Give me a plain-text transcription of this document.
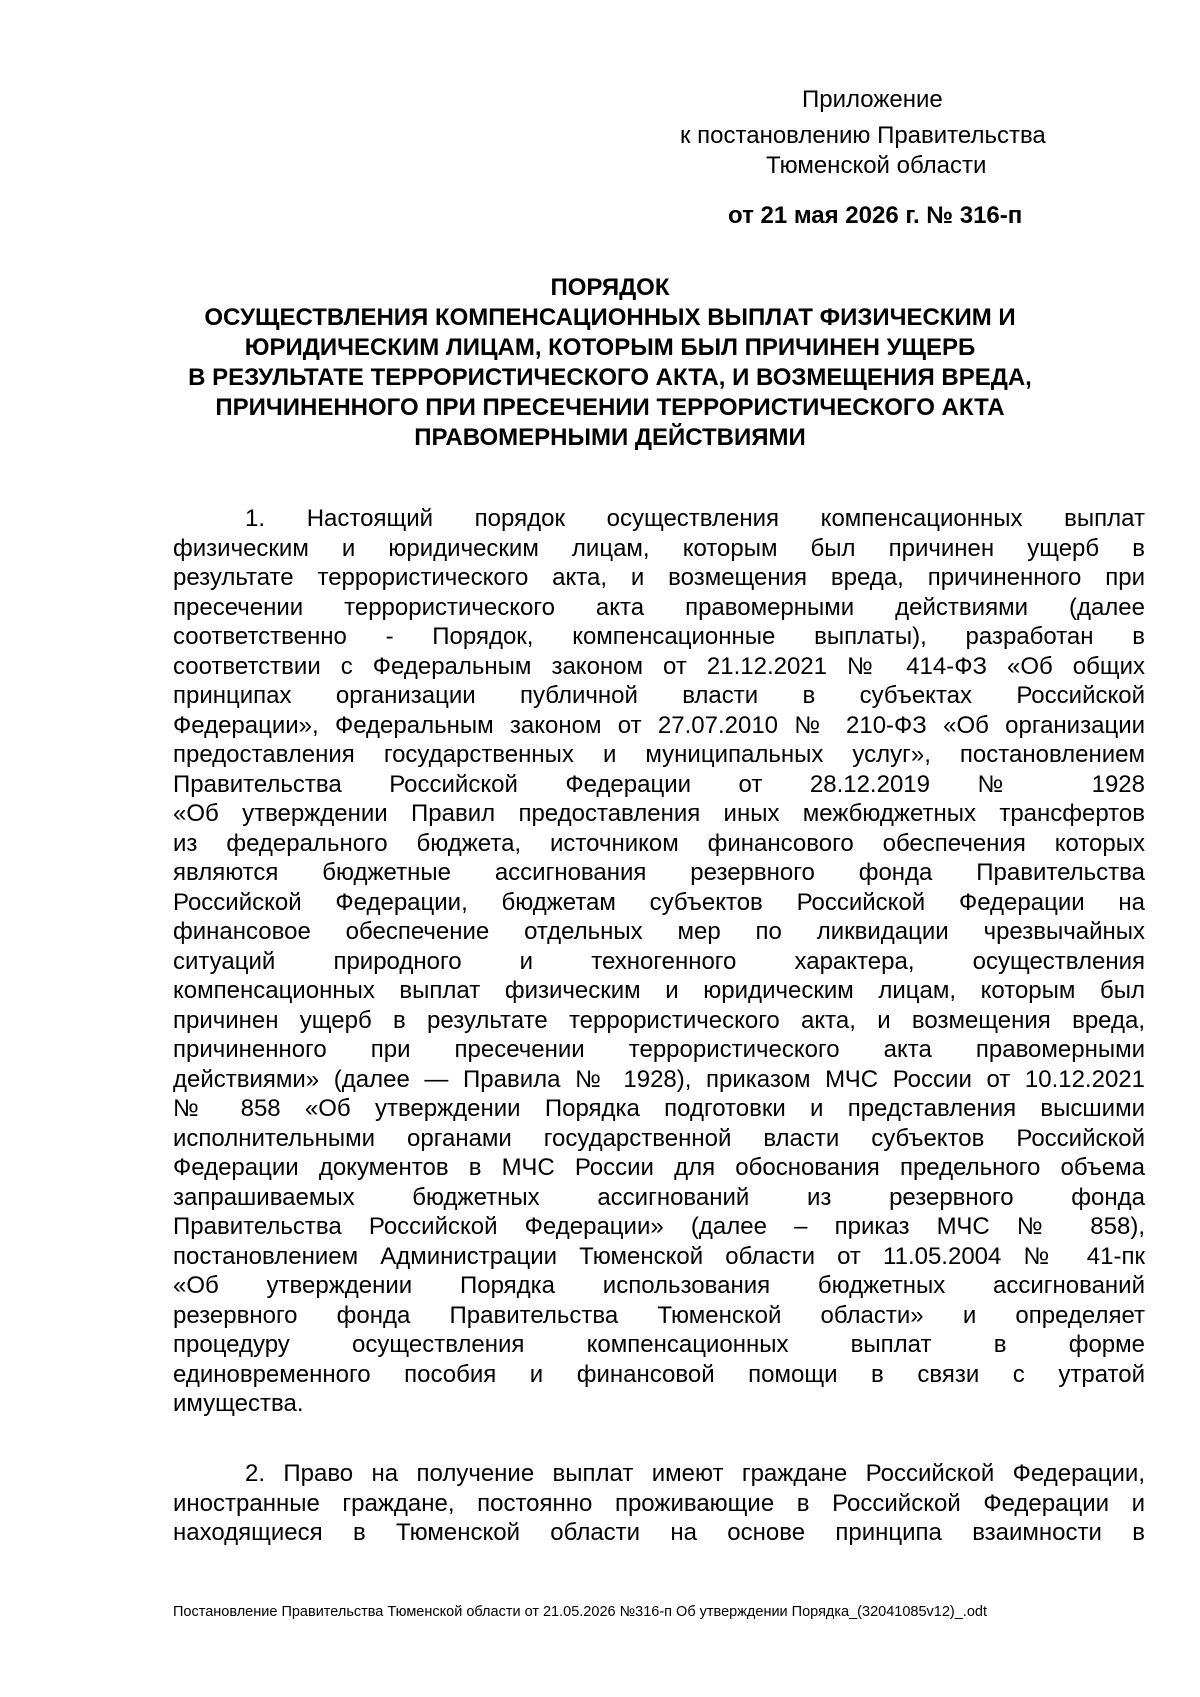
Приложение
к постановлению Правительства
Тюменской области
от 21 мая 2026 г. № 316-п
ПОРЯДОК
ОСУЩЕСТВЛЕНИЯ КОМПЕНСАЦИОННЫХ ВЫПЛАТ ФИЗИЧЕСКИМ И
ЮРИДИЧЕСКИМ ЛИЦАМ, КОТОРЫМ БЫЛ ПРИЧИНЕН УЩЕРБ
В РЕЗУЛЬТАТЕ ТЕРРОРИСТИЧЕСКОГО АКТА, И ВОЗМЕЩЕНИЯ ВРЕДА,
ПРИЧИНЕННОГО ПРИ ПРЕСЕЧЕНИИ ТЕРРОРИСТИЧЕСКОГО АКТА
ПРАВОМЕРНЫМИ ДЕЙСТВИЯМИ
1. Настоящий порядок осуществления компенсационных выплат
физическим и юридическим лицам, которым был причинен ущерб в
результате террористического акта, и возмещения вреда, причиненного при
пресечении террористического акта правомерными действиями (далее
соответственно - Порядок, компенсационные выплаты), разработан в
соответствии с Федеральным законом от 21.12.2021 № 414-ФЗ «Об общих
принципах организации публичной власти в субъектах Российской
Федерации», Федеральным законом от 27.07.2010 № 210-ФЗ «Об организации
предоставления государственных и муниципальных услуг», постановлением
Правительства Российской Федерации от 28.12.2019 № 1928
«Об утверждении Правил предоставления иных межбюджетных трансфертов
из федерального бюджета, источником финансового обеспечения которых
являются бюджетные ассигнования резервного фонда Правительства
Российской Федерации, бюджетам субъектов Российской Федерации на
финансовое обеспечение отдельных мер по ликвидации чрезвычайных
ситуаций природного и техногенного характера, осуществления
компенсационных выплат физическим и юридическим лицам, которым был
причинен ущерб в результате террористического акта, и возмещения вреда,
причиненного при пресечении террористического акта правомерными
действиями» (далее — Правила № 1928), приказом МЧС России от 10.12.2021
№ 858 «Об утверждении Порядка подготовки и представления высшими
исполнительными органами государственной власти субъектов Российской
Федерации документов в МЧС России для обоснования предельного объема
запрашиваемых бюджетных ассигнований из резервного фонда
Правительства Российской Федерации» (далее – приказ МЧС № 858),
постановлением Администрации Тюменской области от 11.05.2004 № 41-пк
«Об утверждении Порядка использования бюджетных ассигнований
резервного фонда Правительства Тюменской области» и определяет
процедуру осуществления компенсационных выплат в форме
единовременного пособия и финансовой помощи в связи с утратой
имущества.
2. Право на получение выплат имеют граждане Российской Федерации,
иностранные граждане, постоянно проживающие в Российской Федерации и
находящиеся в Тюменской области на основе принципа взаимности в
Постановление Правительства Тюменской области от 21.05.2026 №316-п Об утверждении Порядка_(32041085v12)_.odt
